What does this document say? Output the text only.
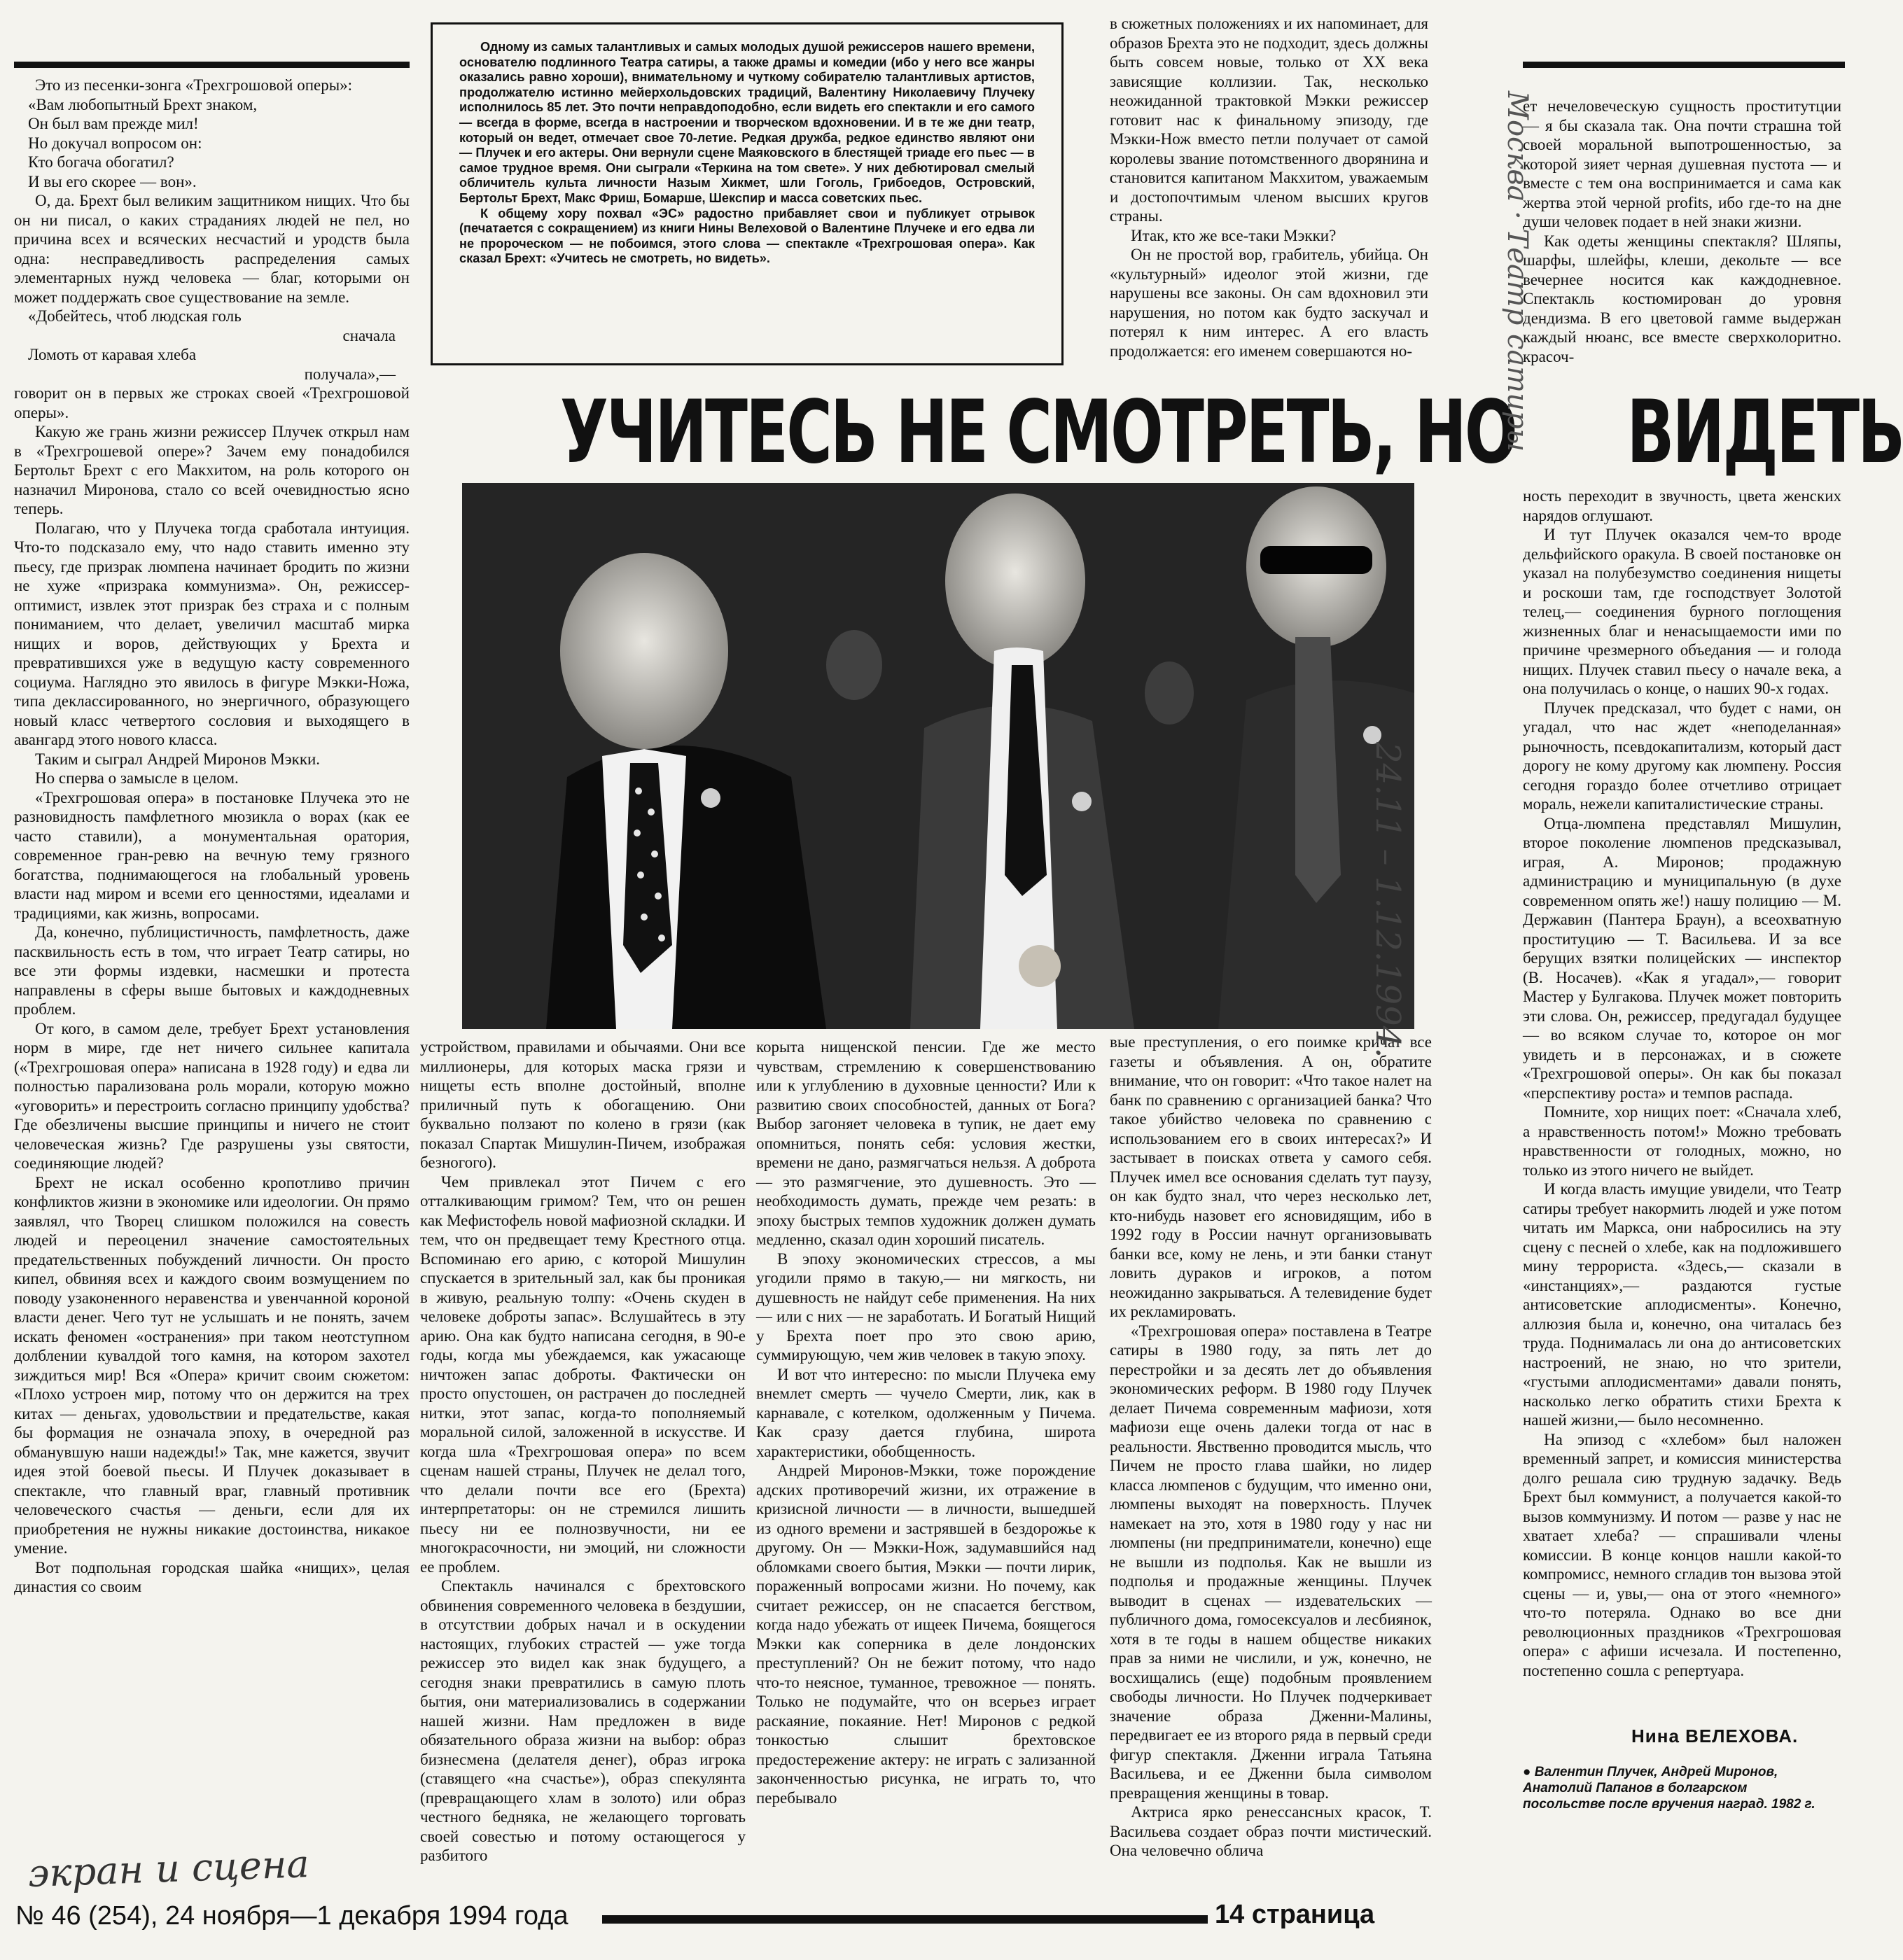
Это из песенки-зонга «Трехгрошовой оперы»:

«Вам любопытный Брехт знаком,

Он был вам прежде мил!

Но докучал вопросом он:

Кто богача обогатил?

И вы его скорее — вон».

О, да. Брехт был великим защитником нищих. Что бы он ни писал, о каких страданиях людей не пел, но причина всех и всяческих несчастий и уродств была одна: несправедливость распределения самых элементарных нужд человека — благ, которыми он может поддержать свое существование на земле.

«Добейтесь, чтоб людская голь

сначала

Ломоть от каравая хлеба

получала»,—

говорит он в первых же строках своей «Трехгрошовой оперы».

Какую же грань жизни режиссер Плучек открыл нам в «Трехгрошевой опере»? Зачем ему понадобился Бертольт Брехт с его Макхитом, на роль которого он назначил Миронова, стало со всей очевидностью ясно теперь.

Полагаю, что у Плучека тогда сработала интуиция. Что-то подсказало ему, что надо ставить именно эту пьесу, где призрак люмпена начинает бродить по жизни не хуже «призрака коммунизма». Он, режиссер-оптимист, извлек этот призрак без страха и с полным пониманием, что делает, увеличил масштаб мирка нищих и воров, действующих у Брехта и превратившихся уже в ведущую касту современного социума. Наглядно это явилось в фигуре Мэкки-Ножа, типа деклассированного, но энергичного, образующего новый класс четвертого сословия и выходящего в авангард этого нового класса.

Таким и сыграл Андрей Миронов Мэкки.

Но сперва о замысле в целом.

«Трехгрошовая опера» в постановке Плучека это не разновидность памфлетного мюзикла о ворах (как ее часто ставили), а монументальная оратория, современное гран-ревю на вечную тему грязного богатства, поднимающегося на глобальный уровень власти над миром и всеми его ценностями, идеалами и традициями, как жизнь, вопросами.

Да, конечно, публицистичность, памфлетность, даже пасквильность есть в том, что играет Театр сатиры, но все эти формы издевки, насмешки и протеста направлены в сферы выше бытовых и каждодневных проблем.

От кого, в самом деле, требует Брехт установления норм в мире, где нет ничего сильнее капитала («Трехгрошовая опера» написана в 1928 году) и едва ли полностью парализована роль морали, которую можно «уговорить» и перестроить согласно принципу удобства? Где обезличены высшие принципы и ничего не стоит человеческая жизнь? Где разрушены узы святости, соединяющие людей?

Брехт не искал особенно кропотливо причин конфликтов жизни в экономике или идеологии. Он прямо заявлял, что Творец слишком положился на совесть людей и переоценил значение самостоятельных предательственных побуждений личности. Он просто кипел, обвиняя всех и каждого своим возмущением по поводу узаконенного неравенства и увенчанной короной власти денег. Чего тут не услышать и не понять, зачем искать феномен «остранения» при таком неотступном долблении кувалдой того камня, на котором захотел зиждиться мир! Вся «Опера» кричит своим сюжетом: «Плохо устроен мир, потому что он держится на трех китах — деньгах, удовольствии и предательстве, какая бы формация не означала эпоху, в очередной раз обманувшую наши надежды!» Так, мне кажется, звучит идея этой боевой пьесы. И Плучек доказывает в спектакле, что главный враг, главный противник человеческого счастья — деньги, если для их приобретения не нужны никакие достоинства, никакое умение.

Вот подпольная городская шайка «нищих», целая династия со своим

Одному из самых талантливых и самых молодых душой режиссеров нашего времени, основателю подлинного Театра сатиры, а также драмы и комедии (ибо у него все жанры оказались равно хороши), внимательному и чуткому собирателю талантливых артистов, продолжателю истинно мейерхольдовских традиций, Валентину Николаевичу Плучеку исполнилось 85 лет. Это почти неправдоподобно, если видеть его спектакли и его самого — всегда в форме, всегда в настроении и творческом вдохновении. И в те же дни театр, который он ведет, отмечает свое 70-летие. Редкая дружба, редкое единство являют они — Плучек и его актеры. Они вернули сцене Маяковского в блестящей триаде его пьес — в самое трудное время. Они сыграли «Теркина на том свете». У них дебютировал смелый обличитель культа личности Назым Хикмет, шли Гоголь, Грибоедов, Островский, Бертольт Брехт, Макс Фриш, Бомарше, Шекспир и масса советских пьес.

К общему хору похвал «ЭС» радостно прибавляет свои и публикует отрывок (печатается с сокращением) из книги Нины Велеховой о Валентине Плучеке и его едва ли не пророческом — не побоимся, этого слова — спектакле «Трехгрошовая опера». Как сказал Брехт: «Учитесь не смотреть, но видеть».

в сюжетных положениях и их напоминает, для образов Брехта это не подходит, здесь должны быть совсем новые, только от XX века зависящие коллизии. Так, несколько неожиданной трактовкой Мэкки режиссер готовит нас к финальному эпизоду, где Мэкки-Нож вместо петли получает от самой королевы звание потомственного дворянина и становится капитаном Макхитом, уважаемым и достопочтимым членом высших кругов страны.

Итак, кто же все-таки Мэкки?

Он не простой вор, грабитель, убийца. Он «культурный» идеолог этой жизни, где нарушены все законы. Он сам вдохновил эти нарушения, но потом как будто заскучал и потерял к ним интерес. А его власть продолжается: его именем совершаются но-

ет нечеловеческую сущность проститутции — я бы сказала так. Она почти страшна той своей моральной выпотрошенностью, за которой зияет черная душевная пустота — и вместе с тем она воспринимается и сама как жертва этой черной profits, ибо где-то на дне души человек подает в ней знаки жизни.

Как одеты женщины спектакля? Шляпы, шарфы, шлейфы, клеши, декольте — все вечернее носится как каждодневное. Спектакль костюмирован до уровня дендизма. В его цветовой гамме выдержан каждый нюанс, все вместе сверхколоритно. красоч-

УЧИТЕСЬ НЕ СМОТРЕТЬ, НО ВИДЕТЬ

вые преступления, о его поимке кричат все газеты и объявления. А он, обратите внимание, что он говорит: «Что такое налет на банк по сравнению с организацией банка? Что такое убийство человека по сравнению с использованием его в своих интересах?» И застывает в поисках ответа у самого себя. Плучек имел все основания сделать тут паузу, он как будто знал, что через несколько лет, кто-нибудь назовет его ясновидящим, ибо в 1992 году в России начнут организовывать банки все, кому не лень, и эти банки станут ловить дураков и игроков, а потом неожиданно закрываться. А телевидение будет их рекламировать.

«Трехгрошовая опера» поставлена в Театре сатиры в 1980 году, за пять лет до перестройки и за десять лет до объявления экономических реформ. В 1980 году Плучек делает Пичема современным мафиози, хотя мафиози еще очень далеки тогда от нас в реальности. Явственно проводится мысль, что Пичем не просто глава шайки, но лидер класса люмпенов с будущим, что именно они, люмпены выходят на поверхность. Плучек намекает на это, хотя в 1980 году у нас ни люмпены (ни предприниматели, конечно) еще не вышли из подполья. Как не вышли из подполья и продажные женщины. Плучек выводит в сценах — издевательских — публичного дома, гомосексуалов и лесбиянок, хотя в те годы в нашем обществе никаких прав за ними не числили, и уж, конечно, не восхищались (еще) подобным проявлением свободы личности. Но Плучек подчеркивает значение образа Дженни-Малины, передвигает ее из второго ряда в первый среди фигур спектакля. Дженни играла Татьяна Васильева, и ее Дженни была символом превращения женщины в товар.

Актриса ярко ренессансных красок, Т. Васильева создает образ почти мистический. Она человечно облича

ность переходит в звучность, цвета женских нарядов оглушают.

И тут Плучек оказался чем-то вроде дельфийского оракула. В своей постановке он указал на полубезумство соединения нищеты и роскоши там, где господствует Золотой телец,— соединения бурного поглощения жизненных благ и ненасыщаемости ими по причине чрезмерного объедания — и голода нищих. Плучек ставил пьесу о начале века, а она получилась о конце, о наших 90-х годах.

Плучек предсказал, что будет с нами, он угадал, что нас ждет «неподеланная» рыночность, псевдокапитализм, который даст дорогу не кому другому как люмпену. Россия сегодня гораздо более отчетливо отрицает мораль, нежели капиталистические страны.

Отца-люмпена представлял Мишулин, второе поколение люмпенов предсказывал, играя, А. Миронов; продажную администрацию и муниципальную (в духе современном опять же!) нашу полицию — М. Державин (Пантера Браун), а всеохватную проституцию — Т. Васильева. И за все берущих взятки полицейских — инспектор (В. Носачев). «Как я угадал»,— говорит Мастер у Булгакова. Плучек может повторить эти слова. Он, режиссер, предугадал будущее — во всяком случае то, которое он мог увидеть и в персонажах, и в сюжете «Трехгрошовой оперы». Он как бы показал «перспективу роста» и темпов распада.

Помните, хор нищих поет: «Сначала хлеб, а нравственность потом!» Можно требовать нравственности от голодных, можно, но только из этого ничего не выйдет.

И когда власть имущие увидели, что Театр сатиры требует накормить людей и уже потом читать им Маркса, они набросились на эту сцену с песней о хлебе, как на подложившего мину террориста. «Здесь,— сказали в «инстанциях»,— раздаются густые антисоветские аплодисменты». Конечно, аллюзия была и, конечно, она читалась без труда. Поднималась ли она до антисоветских настроений, не знаю, но что зрители, «густыми аплодисментами» давали понять, насколько легко обратить стихи Брехта к нашей жизни,— было несомненно.

На эпизод с «хлебом» был наложен временный запрет, и комиссия министерства долго решала сию трудную задачку. Ведь Брехт был коммунист, а получается какой-то вызов коммунизму. И потом — разве у нас не хватает хлеба? — спрашивали члены комиссии. В конце концов нашли какой-то компромисс, немного сгладив тон вызова этой сцены — и, увы,— она от этого «немного» что-то потеряла. Однако во все дни революционных праздников «Трехгрошовая опера» с афиши исчезала. И постепенно, постепенно сошла с репертуара.

устройством, правилами и обычаями. Они все миллионеры, для которых маска грязи и нищеты есть вполне достойный, вполне приличный путь к обогащению. Они буквально ползают по колено в грязи (как показал Спартак Мишулин-Пичем, изображая безногого).

Чем привлекал этот Пичем с его отталкивающим гримом? Тем, что он решен как Мефистофель новой мафиозной складки. И тем, что он предвещает тему Крестного отца. Вспоминаю его арию, с которой Мишулин спускается в зрительный зал, как бы проникая в живую, реальную толпу: «Очень скуден в человеке доброты запас». Вслушайтесь в эту арию. Она как будто написана сегодня, в 90-е годы, когда мы убеждаемся, как ужасающе ничтожен запас доброты. Фактически он просто опустошен, он растрачен до последней нитки, этот запас, когда-то пополняемый моральной силой, заложенной в искусстве. И когда шла «Трехгрошовая опера» по всем сценам нашей страны, Плучек не делал того, что делали почти все его (Брехта) интерпретаторы: он не стремился лишить пьесу ни ее полнозвучности, ни ее многокрасочности, ни эмоций, ни сложности ее проблем.

Спектакль начинался с брехтовского обвинения современного человека в бездушии, в отсутствии добрых начал и в оскудении настоящих, глубоких страстей — уже тогда режиссер это видел как знак будущего, а сегодня знаки превратились в самую плоть бытия, они материализовались в содержании нашей жизни. Нам предложен в виде обязательного образа жизни на выбор: образ бизнесмена (делателя денег), образ игрока (ставящего «на счастье»), образ спекулянта (превращающего хлам в золото) или образ честного бедняка, не желающего торговать своей совестью и потому остающегося у разбитого

корыта нищенской пенсии. Где же место чувствам, стремлению к совершенствованию или к углублению в духовные ценности? Или к развитию своих способностей, данных от Бога? Выбор загоняет человека в тупик, не дает ему опомниться, понять себя: условия жестки, времени не дано, размягчаться нельзя. А доброта — это размягчение, это душевность. Это — необходимость думать, прежде чем резать: в эпоху быстрых темпов художник должен думать медленно, сказал один хороший писатель.

В эпоху экономических стрессов, а мы угодили прямо в такую,— ни мягкость, ни душевность не найдут себе применения. На них — или с них — не заработать. И Богатый Нищий у Брехта поет про это свою арию, суммирующую, чем жив человек в такую эпоху.

И вот что интересно: по мысли Плучека ему внемлет смерть — чучело Смерти, лик, как в карнавале, с котелком, одолженным у Пичема. Как сразу дается глубина, широта характеристики, обобщенность.

Андрей Миронов-Мэкки, тоже порождение адских противоречий жизни, их отражение в кризисной личности — в личности, вышедшей из одного времени и застрявшей в бездорожье к другому. Он — Мэкки-Нож, задумавшийся над обломками своего бытия, Мэкки — почти лирик, пораженный вопросами жизни. Но почему, как считает режиссер, он не спасается бегством, когда надо убежать от ищеек Пичема, боящегося Мэкки как соперника в деле лондонских преступлений? Он не бежит потому, что надо что-то неясное, туманное, тревожное — понять. Только не подумайте, что он всерьез играет раскаяние, покаяние. Нет! Миронов с редкой тонкостью слышит брехтовское предостережение актеру: не играть с зализанной законченностью рисунка, не играть то, что перебывало

Нина ВЕЛЕХОВА.
● Валентин Плучек, Андрей Миронов, Анатолий Папанов в болгарском посольстве после вручения наград. 1982 г.
экран и сцена
24.11 – 1.12.1994.
Москва · Театр сатиры
№ 46 (254), 24 ноября—1 декабря 1994 года	14 страница
